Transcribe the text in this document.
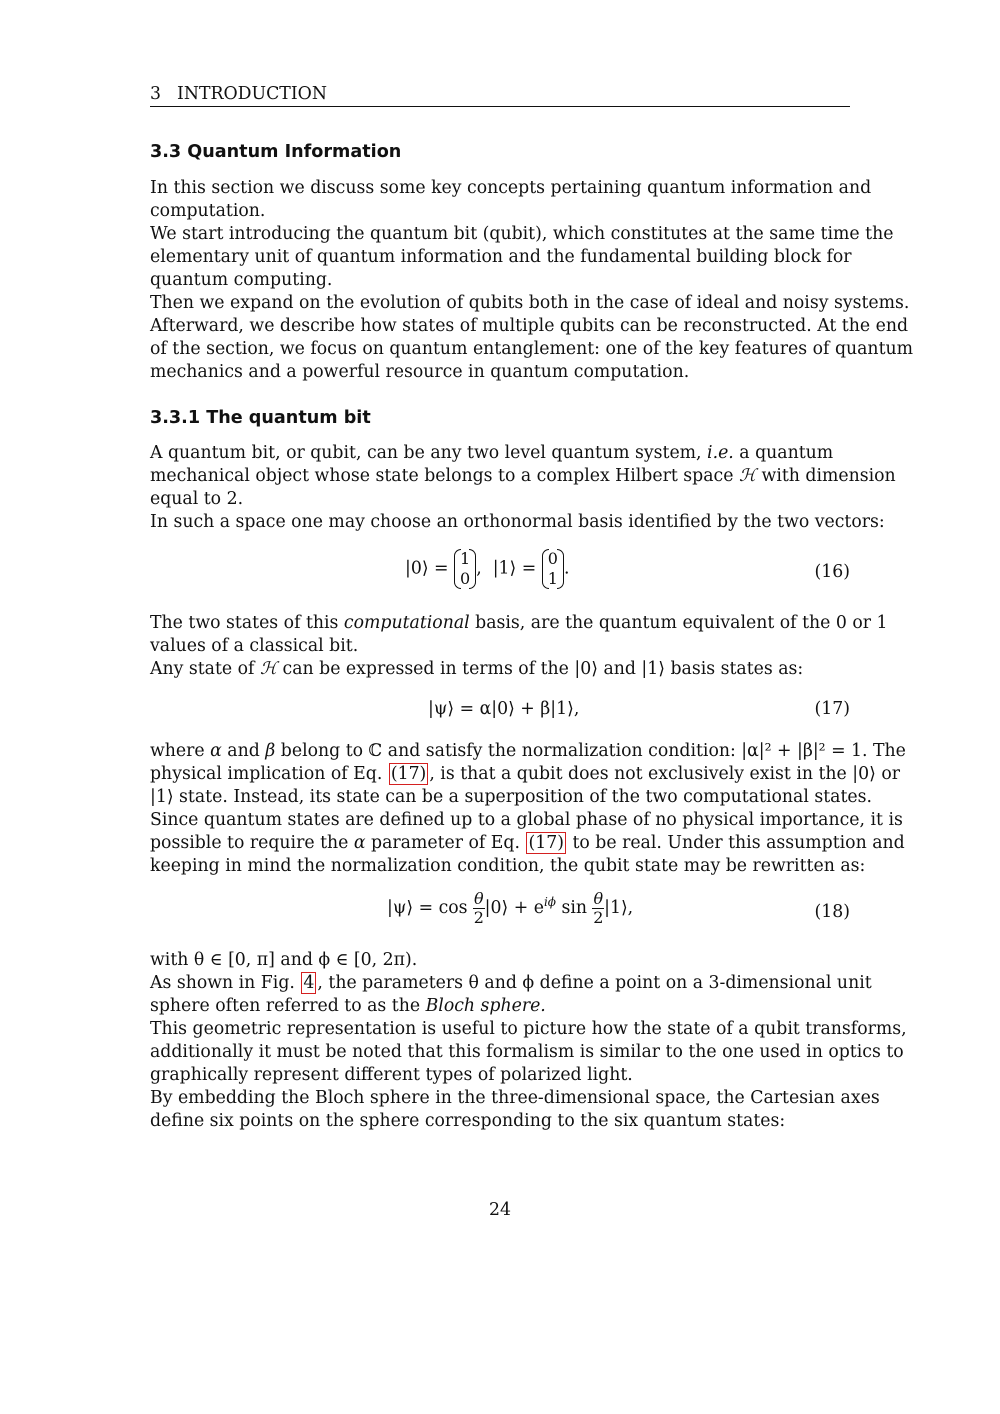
3 INTRODUCTION
3.3 Quantum Information
In this section we discuss some key concepts pertaining quantum information and
computation.
We start introducing the quantum bit (qubit), which constitutes at the same time the
elementary unit of quantum information and the fundamental building block for
quantum computing.
Then we expand on the evolution of qubits both in the case of ideal and noisy systems.
Afterward, we describe how states of multiple qubits can be reconstructed. At the end
of the section, we focus on quantum entanglement: one of the key features of quantum
mechanics and a powerful resource in quantum computation.
3.3.1 The quantum bit
A quantum bit, or qubit, can be any two level quantum system, i.e. a quantum
mechanical object whose state belongs to a complex Hilbert space ℋ with dimension
equal to 2.
In such a space one may choose an orthonormal basis identified by the two vectors:
|0⟩ = 1
0 ,  |1⟩ = 0
1 .	(16)
The two states of this computational basis, are the quantum equivalent of the 0 or 1
values of a classical bit.
Any state of ℋ can be expressed in terms of the |0⟩ and |1⟩ basis states as:
|ψ⟩ = α|0⟩ + β|1⟩,	(17)
where α and β belong to ℂ and satisfy the normalization condition: |α|² + |β|² = 1. The
physical implication of Eq. (17) , is that a qubit does not exclusively exist in the |0⟩ or
|1⟩ state. Instead, its state can be a superposition of the two computational states.
Since quantum states are defined up to a global phase of no physical importance, it is
possible to require the α parameter of Eq. (17) to be real. Under this assumption and
keeping in mind the normalization condition, the qubit state may be rewritten as:
|ψ⟩ = $\cos \frac{\theta}{2}$ |0⟩ + $e^{i\phi}$ $\sin \frac{\theta}{2}$ |1⟩,	(18)
with θ ∈ [0, π] and ϕ ∈ [0, 2π).
As shown in Fig. 4 , the parameters θ and ϕ define a point on a 3-dimensional unit
sphere often referred to as the Bloch sphere.
This geometric representation is useful to picture how the state of a qubit transforms,
additionally it must be noted that this formalism is similar to the one used in optics to
graphically represent different types of polarized light.
By embedding the Bloch sphere in the three-dimensional space, the Cartesian axes
define six points on the sphere corresponding to the six quantum states:
24
